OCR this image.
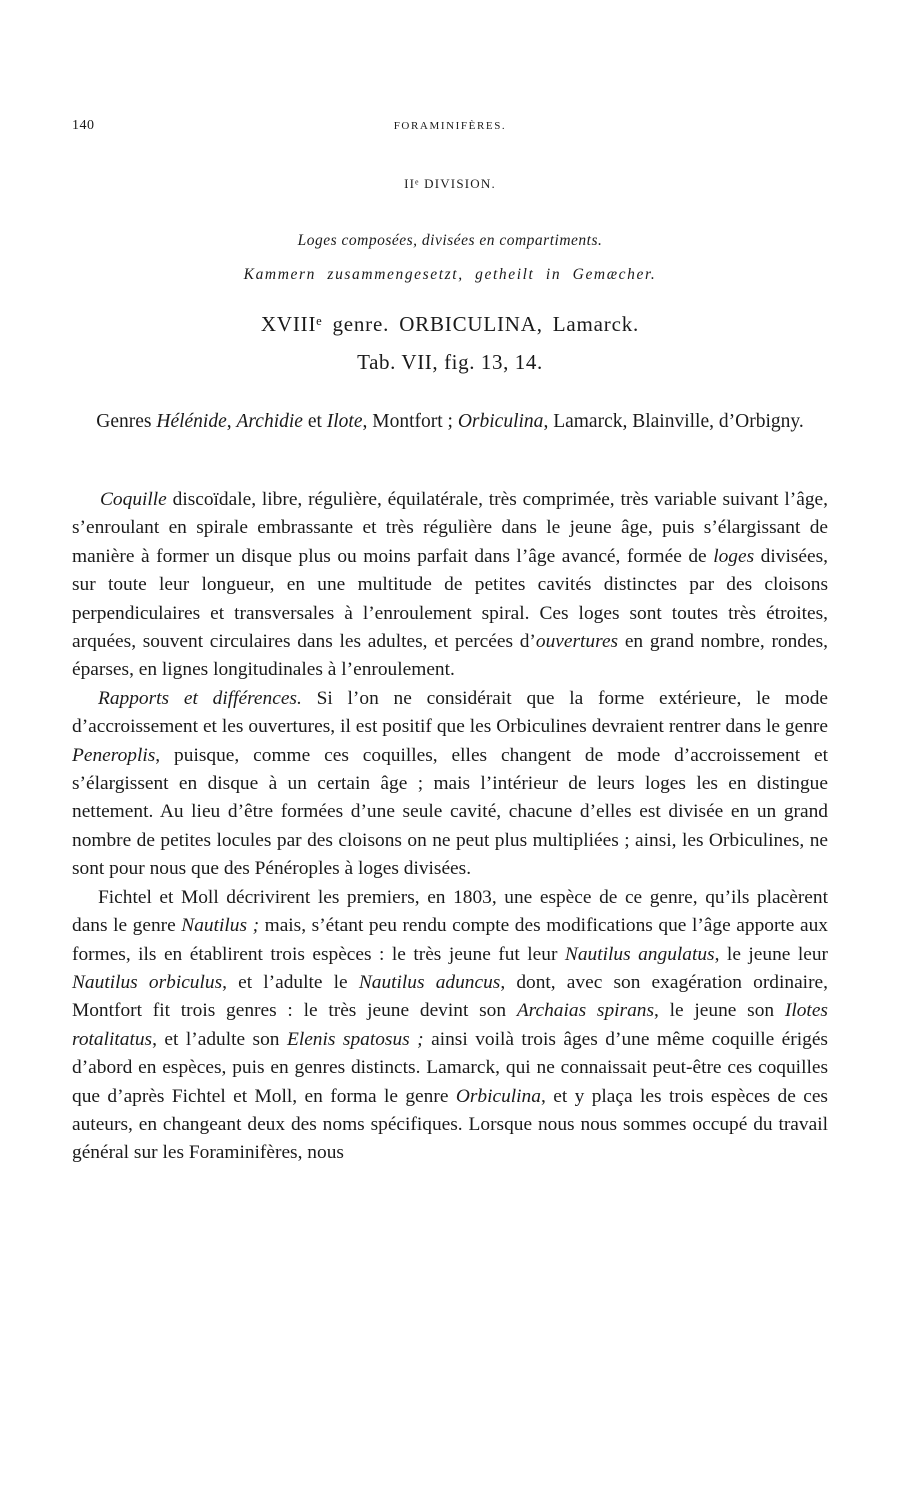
140	FORAMINIFÈRES.
IIᵉ DIVISION.
Loges composées, divisées en compartiments.
Kammern zusammengesetzt, getheilt in Gemæcher.
XVIIIᵉ genre. ORBICULINA, Lamarck.
Tab. VII, fig. 13, 14.
Genres Hélénide, Archidie et Ilote, Montfort ; Orbiculina, Lamarck, Blainville, d’Orbigny.

Coquille discoïdale, libre, régulière, équilatérale, très comprimée, très variable suivant l’âge, s’enroulant en spirale embrassante et très régulière dans le jeune âge, puis s’élargissant de manière à former un disque plus ou moins parfait dans l’âge avancé, formée de loges divisées, sur toute leur longueur, en une multitude de petites cavités distinctes par des cloisons perpendiculaires et transversales à l’enroulement spiral. Ces loges sont toutes très étroites, arquées, souvent circulaires dans les adultes, et percées d’ouvertures en grand nombre, rondes, éparses, en lignes longitudinales à l’enroulement.

Rapports et différences. Si l’on ne considérait que la forme extérieure, le mode d’accroissement et les ouvertures, il est positif que les Orbiculines devraient rentrer dans le genre Peneroplis, puisque, comme ces coquilles, elles changent de mode d’accroissement et s’élargissent en disque à un certain âge ; mais l’intérieur de leurs loges les en distingue nettement. Au lieu d’être formées d’une seule cavité, chacune d’elles est divisée en un grand nombre de petites locules par des cloisons on ne peut plus multipliées ; ainsi, les Orbiculines, ne sont pour nous que des Pénéroples à loges divisées.

Fichtel et Moll décrivirent les premiers, en 1803, une espèce de ce genre, qu’ils placèrent dans le genre Nautilus ; mais, s’étant peu rendu compte des modifications que l’âge apporte aux formes, ils en établirent trois espèces : le très jeune fut leur Nautilus angulatus, le jeune leur Nautilus orbiculus, et l’adulte le Nautilus aduncus, dont, avec son exagération ordinaire, Montfort fit trois genres : le très jeune devint son Archaias spirans, le jeune son Ilotes rotalitatus, et l’adulte son Elenis spatosus ; ainsi voilà trois âges d’une même coquille érigés d’abord en espèces, puis en genres distincts. Lamarck, qui ne connaissait peut-être ces coquilles que d’après Fichtel et Moll, en forma le genre Orbiculina, et y plaça les trois espèces de ces auteurs, en changeant deux des noms spécifiques. Lorsque nous nous sommes occupé du travail général sur les Foraminifères, nous
